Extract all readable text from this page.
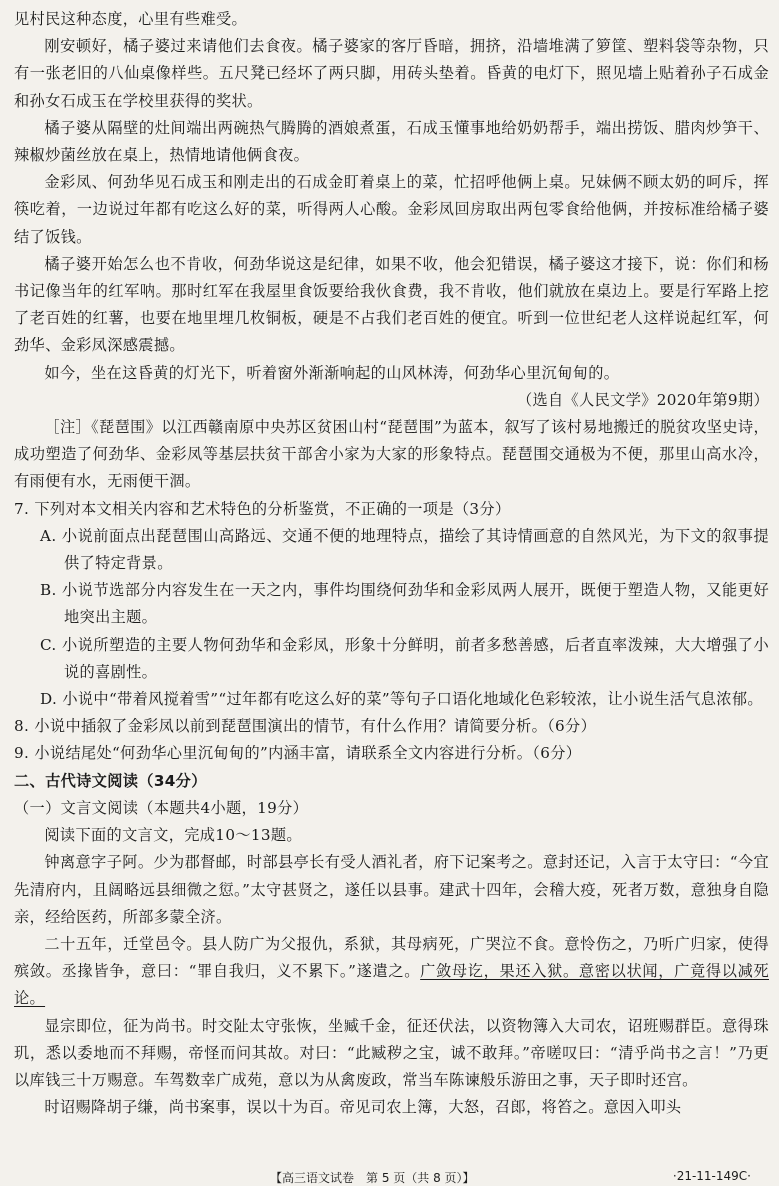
见村民这种态度，心里有些难受。

刚安顿好，橘子婆过来请他们去食夜。橘子婆家的客厅昏暗，拥挤，沿墙堆满了箩筐、塑料袋等杂物，只有一张老旧的八仙桌像样些。五尺凳已经坏了两只脚，用砖头垫着。昏黄的电灯下，照见墙上贴着孙子石成金和孙女石成玉在学校里获得的奖状。

橘子婆从隔壁的灶间端出两碗热气腾腾的酒娘煮蛋，石成玉懂事地给奶奶帮手，端出捞饭、腊肉炒笋干、辣椒炒菌丝放在桌上，热情地请他俩食夜。

金彩凤、何劲华见石成玉和刚走出的石成金盯着桌上的菜，忙招呼他俩上桌。兄妹俩不顾太奶的呵斥，挥筷吃着，一边说过年都有吃这么好的菜，听得两人心酸。金彩凤回房取出两包零食给他俩，并按标准给橘子婆结了饭钱。

橘子婆开始怎么也不肯收，何劲华说这是纪律，如果不收，他会犯错误，橘子婆这才接下，说：你们和杨书记像当年的红军呐。那时红军在我屋里食饭要给我伙食费，我不肯收，他们就放在桌边上。要是行军路上挖了老百姓的红薯，也要在地里埋几枚铜板，硬是不占我们老百姓的便宜。听到一位世纪老人这样说起红军，何劲华、金彩凤深感震撼。

如今，坐在这昏黄的灯光下，听着窗外渐渐响起的山风林涛，何劲华心里沉甸甸的。

（选自《人民文学》2020年第9期）

［注］《琵琶围》以江西赣南原中央苏区贫困山村“琵琶围”为蓝本，叙写了该村易地搬迁的脱贫攻坚史诗，成功塑造了何劲华、金彩凤等基层扶贫干部舍小家为大家的形象特点。琵琶围交通极为不便，那里山高水冷，有雨便有水，无雨便干涸。

7. 下列对本文相关内容和艺术特色的分析鉴赏，不正确的一项是（3分）

A. 小说前面点出琵琶围山高路远、交通不便的地理特点，描绘了其诗情画意的自然风光，为下文的叙事提供了特定背景。

B. 小说节选部分内容发生在一天之内，事件均围绕何劲华和金彩凤两人展开，既便于塑造人物，又能更好地突出主题。

C. 小说所塑造的主要人物何劲华和金彩凤，形象十分鲜明，前者多愁善感，后者直率泼辣，大大增强了小说的喜剧性。

D. 小说中“带着风搅着雪”“过年都有吃这么好的菜”等句子口语化地域化色彩较浓，让小说生活气息浓郁。

8. 小说中插叙了金彩凤以前到琵琶围演出的情节，有什么作用？请简要分析。（6分）

9. 小说结尾处“何劲华心里沉甸甸的”内涵丰富，请联系全文内容进行分析。（6分）

二、古代诗文阅读（34分）

（一）文言文阅读（本题共4小题，19分）

阅读下面的文言文，完成10～13题。

钟离意字子阿。少为郡督邮，时部县亭长有受人酒礼者，府下记案考之。意封还记，入言于太守曰：“今宜先清府内，且阔略远县细微之愆。”太守甚贤之，遂任以县事。建武十四年，会稽大疫，死者万数，意独身自隐亲，经给医药，所部多蒙全济。

二十五年，迁堂邑令。县人防广为父报仇，系狱，其母病死，广哭泣不食。意怜伤之，乃听广归家，使得殡敛。丞掾皆争，意曰：“罪自我归，义不累下。”遂遣之。广敛母讫，果还入狱。意密以状闻，广竟得以减死论。

显宗即位，征为尚书。时交阯太守张恢，坐臧千金，征还伏法，以资物簿入大司农，诏班赐群臣。意得珠玑，悉以委地而不拜赐，帝怪而问其故。对曰：“此臧秽之宝，诚不敢拜。”帝嗟叹曰：“清乎尚书之言！”乃更以库钱三十万赐意。车驾数幸广成苑，意以为从禽废政，常当车陈谏般乐游田之事，天子即时还宫。

时诏赐降胡子缣，尚书案事，误以十为百。帝见司农上簿，大怒，召郎，将笞之。意因入叩头

【高三语文试卷　第 5 页（共 8 页）】	·21-11-149C·
